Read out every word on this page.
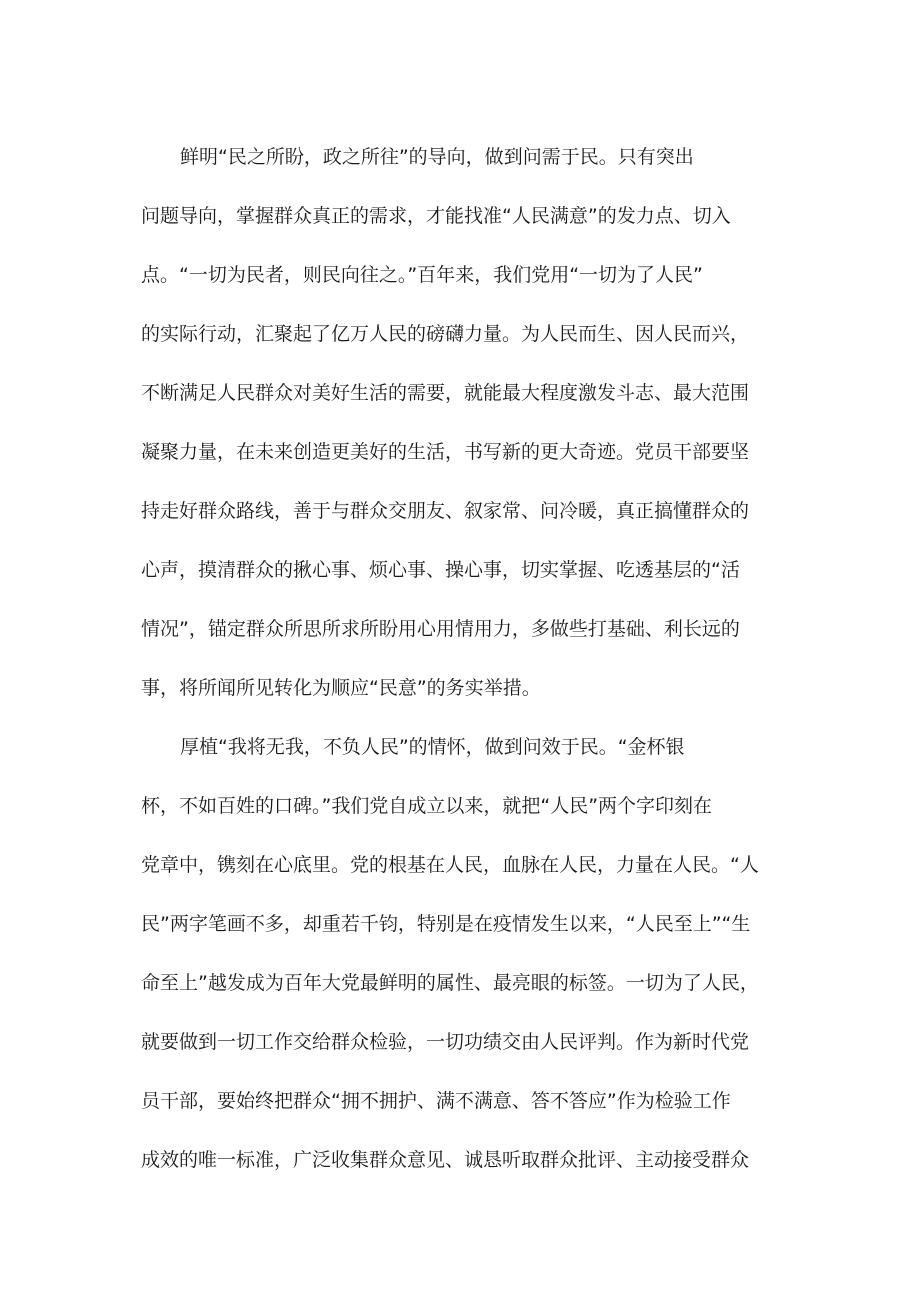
鲜明“民之所盼，政之所往”的导向，做到问需于民。只有突出
问题导向，掌握群众真正的需求，才能找准“人民满意”的发力点、切入
点。“一切为民者，则民向往之。”百年来，我们党用“一切为了人民”
的实际行动，汇聚起了亿万人民的磅礴力量。为人民而生、因人民而兴，
不断满足人民群众对美好生活的需要，就能最大程度激发斗志、最大范围
凝聚力量，在未来创造更美好的生活，书写新的更大奇迹。党员干部要坚
持走好群众路线，善于与群众交朋友、叙家常、问冷暖，真正搞懂群众的
心声，摸清群众的揪心事、烦心事、操心事，切实掌握、吃透基层的“活
情况”，锚定群众所思所求所盼用心用情用力，多做些打基础、利长远的
事，将所闻所见转化为顺应“民意”的务实举措。
厚植“我将无我，不负人民”的情怀，做到问效于民。“金杯银
杯，不如百姓的口碑。”我们党自成立以来，就把“人民”两个字印刻在
党章中，镌刻在心底里。党的根基在人民，血脉在人民，力量在人民。“人
民”两字笔画不多，却重若千钧，特别是在疫情发生以来，“人民至上”“生
命至上”越发成为百年大党最鲜明的属性、最亮眼的标签。一切为了人民，
就要做到一切工作交给群众检验，一切功绩交由人民评判。作为新时代党
员干部，要始终把群众“拥不拥护、满不满意、答不答应”作为检验工作
成效的唯一标准，广泛收集群众意见、诚恳听取群众批评、主动接受群众
